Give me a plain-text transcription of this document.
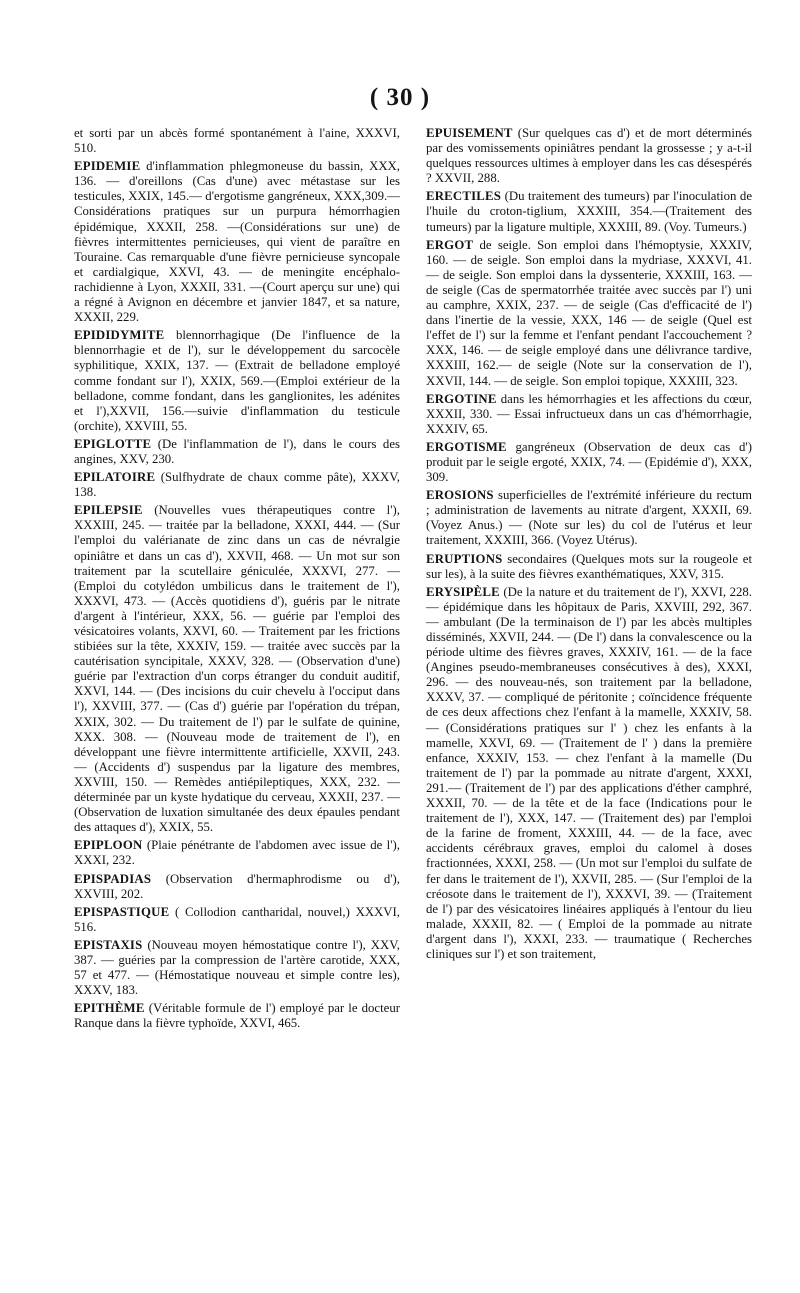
( 30 )

et sorti par un abcès formé spontanément à l'aine, XXXVI, 510.

EPIDEMIE d'inflammation phlegmoneuse du bassin, XXX, 136. — d'oreillons (Cas d'une) avec métastase sur les testicules, XXIX, 145.— d'ergotisme gangréneux, XXX,309.—Considérations pratiques sur un purpura hémorrhagien épidémique, XXXII, 258. —(Considérations sur une) de fièvres intermittentes pernicieuses, qui vient de paraître en Touraine. Cas remarquable d'une fièvre pernicieuse syncopale et cardialgique, XXVI, 43. — de meningite encéphalo-rachidienne à Lyon, XXXII, 331. —(Court aperçu sur une) qui a régné à Avignon en décembre et janvier 1847, et sa nature, XXXII, 229.

EPIDIDYMITE blennorrhagique (De l'influence de la blennorrhagie et de l'), sur le développement du sarcocèle syphilitique, XXIX, 137. — (Extrait de belladone employé comme fondant sur l'), XXIX, 569.—(Emploi extérieur de la belladone, comme fondant, dans les ganglionites, les adénites et l'),XXVII, 156.—suivie d'inflammation du testicule (orchite), XXVIII, 55.

EPIGLOTTE (De l'inflammation de l'), dans le cours des angines, XXV, 230.

EPILATOIRE (Sulfhydrate de chaux comme pâte), XXXV, 138.

EPILEPSIE (Nouvelles vues thérapeutiques contre l'), XXXIII, 245. — traitée par la belladone, XXXI, 444. — (Sur l'emploi du valérianate de zinc dans un cas de névralgie opiniâtre et dans un cas d'), XXVII, 468. — Un mot sur son traitement par la scutellaire géniculée, XXXVI, 277. — (Emploi du cotylédon umbilicus dans le traitement de l'), XXXVI, 473. — (Accès quotidiens d'), guéris par le nitrate d'argent à l'intérieur, XXX, 56. — guérie par l'emploi des vésicatoires volants, XXVI, 60. — Traitement par les frictions stibiées sur la tête, XXXIV, 159. — traitée avec succès par la cautérisation syncipitale, XXXV, 328. — (Observation d'une) guérie par l'extraction d'un corps étranger du conduit auditif, XXVI, 144. — (Des incisions du cuir chevelu à l'occiput dans l'), XXVIII, 377. — (Cas d') guérie par l'opération du trépan, XXIX, 302. — Du traitement de l') par le sulfate de quinine, XXX. 308. — (Nouveau mode de traitement de l'), en développant une fièvre intermittente artificielle, XXVII, 243. — (Accidents d') suspendus par la ligature des membres, XXVIII, 150. — Remèdes antiépileptiques, XXX, 232. — déterminée par un kyste hydatique du cerveau, XXXII, 237. — (Observation de luxation simultanée des deux épaules pendant des attaques d'), XXIX, 55.

EPIPLOON (Plaie pénétrante de l'abdomen avec issue de l'), XXXI, 232.

EPISPADIAS (Observation d'hermaphrodisme ou d'), XXVIII, 202.

EPISPASTIQUE ( Collodion cantharidal, nouvel,) XXXVI, 516.

EPISTAXIS (Nouveau moyen hémostatique contre l'), XXV, 387. — guéries par la compression de l'artère carotide, XXX, 57 et 477. — (Hémostatique nouveau et simple contre les), XXXV, 183.

EPITHÈME (Véritable formule de l') employé par le docteur Ranque dans la fièvre typhoïde, XXVI, 465.

EPUISEMENT (Sur quelques cas d') et de mort déterminés par des vomissements opiniâtres pendant la grossesse ; y a-t-il quelques ressources ultimes à employer dans les cas désespérés ? XXVII, 288.

ERECTILES (Du traitement des tumeurs) par l'inoculation de l'huile du croton-tiglium, XXXIII, 354.—(Traitement des tumeurs) par la ligature multiple, XXXIII, 89. (Voy. Tumeurs.)

ERGOT de seigle. Son emploi dans l'hémoptysie, XXXIV, 160. — de seigle. Son emploi dans la mydriase, XXXVI, 41. — de seigle. Son emploi dans la dyssenterie, XXXIII, 163. — de seigle (Cas de spermatorrhée traitée avec succès par l') uni au camphre, XXIX, 237. — de seigle (Cas d'efficacité de l') dans l'inertie de la vessie, XXX, 146 — de seigle (Quel est l'effet de l') sur la femme et l'enfant pendant l'accouchement ? XXX, 146. — de seigle employé dans une délivrance tardive, XXXIII, 162.— de seigle (Note sur la conservation de l'), XXVII, 144. — de seigle. Son emploi topique, XXXIII, 323.

ERGOTINE dans les hémorrhagies et les affections du cœur, XXXII, 330. — Essai infructueux dans un cas d'hémorrhagie, XXXIV, 65.

ERGOTISME gangréneux (Observation de deux cas d') produit par le seigle ergoté, XXIX, 74. — (Epidémie d'), XXX, 309.

EROSIONS superficielles de l'extrémité inférieure du rectum ; administration de lavements au nitrate d'argent, XXXII, 69. (Voyez Anus.) — (Note sur les) du col de l'utérus et leur traitement, XXXIII, 366. (Voyez Utérus).

ERUPTIONS secondaires (Quelques mots sur la rougeole et sur les), à la suite des fièvres exanthématiques, XXV, 315.

ERYSIPÈLE (De la nature et du traitement de l'), XXVI, 228. — épidémique dans les hôpitaux de Paris, XXVIII, 292, 367. — ambulant (De la terminaison de l') par les abcès multiples disséminés, XXVII, 244. — (De l') dans la convalescence ou la période ultime des fièvres graves, XXXIV, 161. — de la face (Angines pseudo-membraneuses consécutives à des), XXXI, 296. — des nouveau-nés, son traitement par la belladone, XXXV, 37. — compliqué de péritonite ; coïncidence fréquente de ces deux affections chez l'enfant à la mamelle, XXXIV, 58. — (Considérations pratiques sur l' ) chez les enfants à la mamelle, XXVI, 69. — (Traitement de l' ) dans la première enfance, XXXIV, 153. — chez l'enfant à la mamelle (Du traitement de l') par la pommade au nitrate d'argent, XXXI, 291.— (Traitement de l') par des applications d'éther camphré, XXXII, 70. — de la tête et de la face (Indications pour le traitement de l'), XXX, 147. — (Traitement des) par l'emploi de la farine de froment, XXXIII, 44. — de la face, avec accidents cérébraux graves, emploi du calomel à doses fractionnées, XXXI, 258. — (Un mot sur l'emploi du sulfate de fer dans le traitement de l'), XXVII, 285. — (Sur l'emploi de la créosote dans le traitement de l'), XXXVI, 39. — (Traitement de l') par des vésicatoires linéaires appliqués à l'entour du lieu malade, XXXII, 82. — ( Emploi de la pommade au nitrate d'argent dans l'), XXXI, 233. — traumatique ( Recherches cliniques sur l') et son traitement,
